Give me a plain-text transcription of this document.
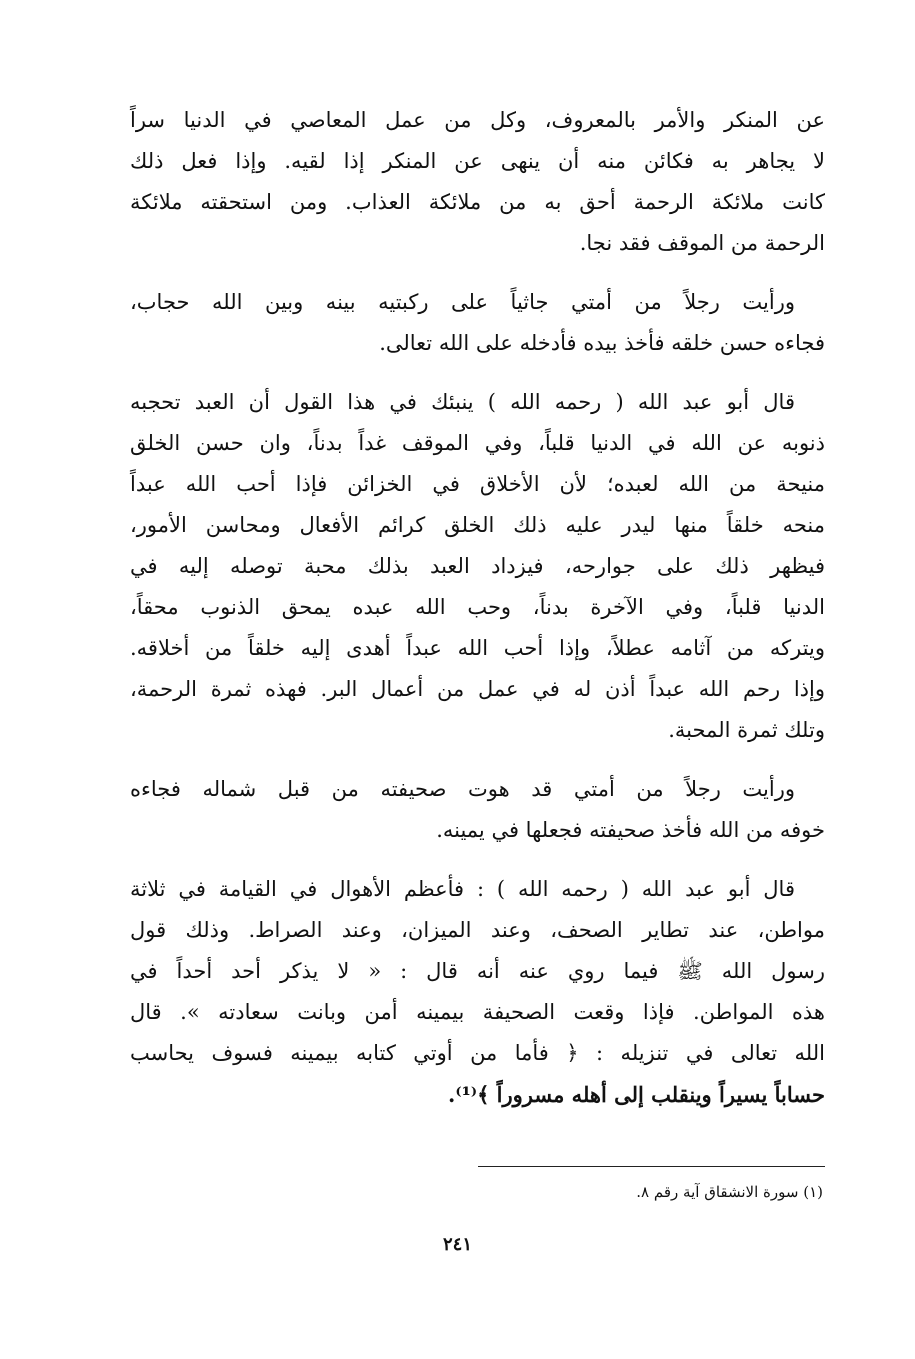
عن المنكر والأمر بالمعروف، وكل من عمل المعاصي في الدنيا سراً
لا يجاهر به فكائن منه أن ينهى عن المنكر إذا لقيه. وإذا فعل ذلك
كانت ملائكة الرحمة أحق به من ملائكة العذاب. ومن استحقته ملائكة
الرحمة من الموقف فقد نجا.

ورأيت رجلاً من أمتي جاثياً على ركبتيه بينه وبين الله حجاب،
فجاءه حسن خلقه فأخذ بيده فأدخله على الله تعالى.

قال أبو عبد الله ( رحمه الله ) ينبئك في هذا القول أن العبد تحجبه
ذنوبه عن الله في الدنيا قلباً، وفي الموقف غداً بدناً، وان حسن الخلق
منيحة من الله لعبده؛ لأن الأخلاق في الخزائن فإذا أحب الله عبداً
منحه خلقاً منها ليدر عليه ذلك الخلق كرائم الأفعال ومحاسن الأمور،
فيظهر ذلك على جوارحه، فيزداد العبد بذلك محبة توصله إليه في
الدنيا قلباً، وفي الآخرة بدناً، وحب الله عبده يمحق الذنوب محقاً،
ويتركه من آثامه عطلاً، وإذا أحب الله عبداً أهدى إليه خلقاً من أخلاقه.
وإذا رحم الله عبداً أذن له في عمل من أعمال البر. فهذه ثمرة الرحمة،
وتلك ثمرة المحبة.

ورأيت رجلاً من أمتي قد هوت صحيفته من قبل شماله فجاءه
خوفه من الله فأخذ صحيفته فجعلها في يمينه.

قال أبو عبد الله ( رحمه الله ) : فأعظم الأهوال في القيامة في ثلاثة
مواطن، عند تطاير الصحف، وعند الميزان، وعند الصراط. وذلك قول
رسول الله ﷺ فيما روي عنه أنه قال : « لا يذكر أحد أحداً في
هذه المواطن. فإذا وقعت الصحيفة بيمينه أمن وبانت سعادته ». قال
الله تعالى في تنزيله : ﴿ فأما من أوتي كتابه بيمينه فسوف يحاسب
حساباً يسيراً وينقلب إلى أهله مسروراً ﴾⁽¹⁾.

(١) سورة الانشقاق آية رقم ٨.
٢٤١
